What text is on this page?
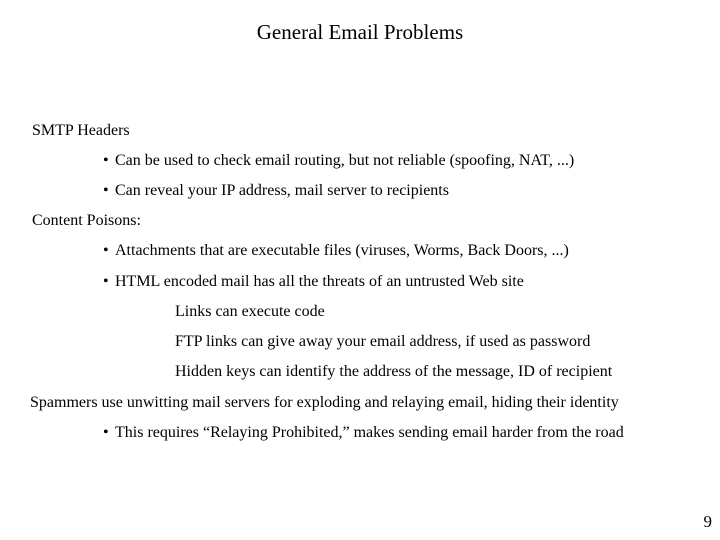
General Email Problems
SMTP Headers
• Can be used to check email routing, but not reliable (spoofing, NAT, ...)
• Can reveal your IP address, mail server to recipients
Content Poisons:
• Attachments that are executable files (viruses, Worms, Back Doors, ...)
• HTML encoded mail has all the threats of an untrusted Web site
Links can execute code
FTP links can give away your email address, if used as password
Hidden keys can identify the address of the message, ID of recipient
Spammers use unwitting mail servers for exploding and relaying email, hiding their identity
• This requires “Relaying Prohibited,” makes sending email harder from the road
9
